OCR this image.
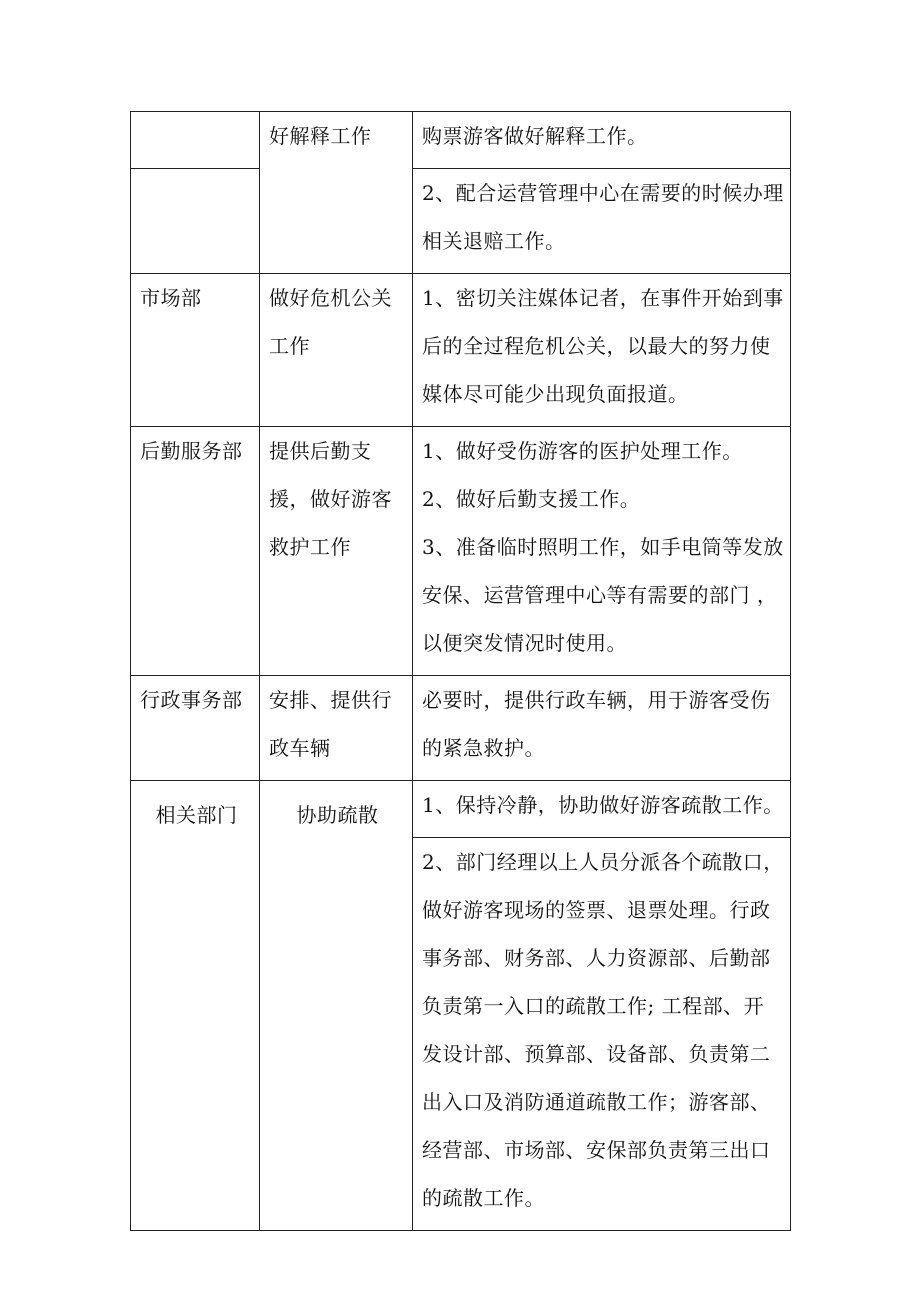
	好解释工作	购票游客做好解释工作。

		2、配合运营管理中心在需要的时候办理相关退赔工作。

市场部	做好危机公关工作	1、密切关注媒体记者，在事件开始到事后的全过程危机公关，以最大的努力使媒体尽可能少出现负面报道。

后勤服务部	提供后勤支援，做好游客救护工作	1、做好受伤游客的医护处理工作。
2、做好后勤支援工作。
3、准备临时照明工作，如手电筒等发放安保、运营管理中心等有需要的部门 ，以便突发情况时使用。

行政事务部	安排、提供行政车辆	必要时，提供行政车辆，用于游客受伤的紧急救护。

相关部门	协助疏散	1、保持冷静，协助做好游客疏散工作。

		2、部门经理以上人员分派各个疏散口，做好游客现场的签票、退票处理。行政事务部、财务部、人力资源部、后勤部负责第一入口的疏散工作; 工程部、开发设计部、预算部、设备部、负责第二出入口及消防通道疏散工作；游客部、经营部、市场部、安保部负责第三出口的疏散工作。
